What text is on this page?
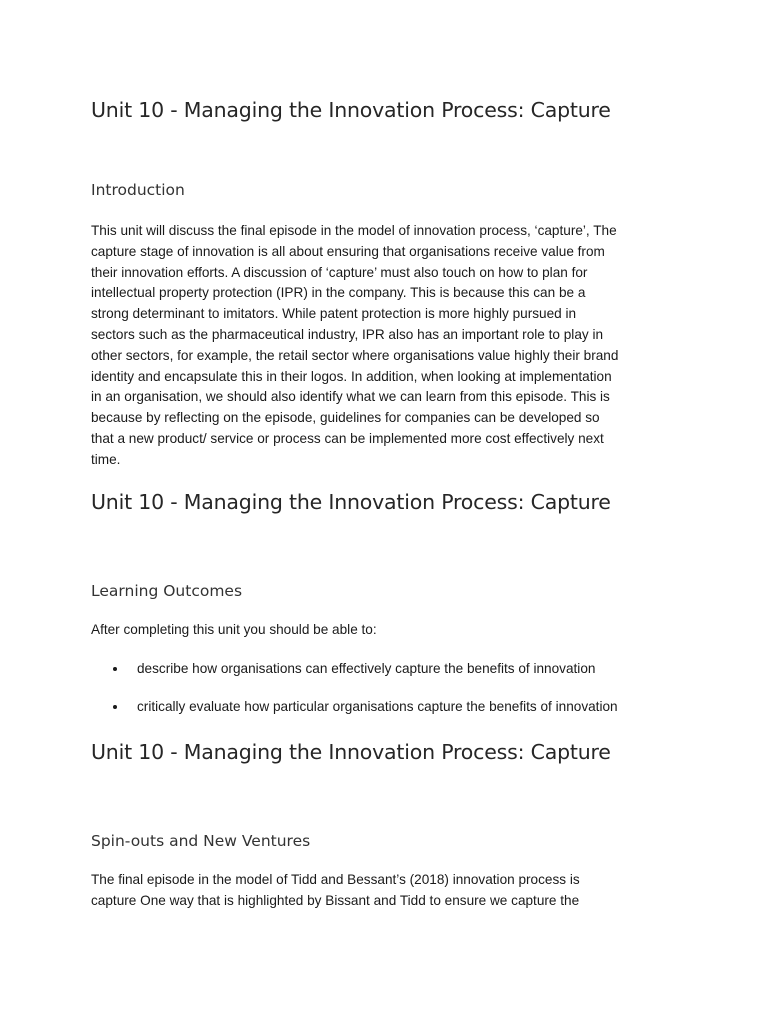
Unit 10 - Managing the Innovation Process: Capture
Introduction
This unit will discuss the final episode in the model of innovation process, ‘capture’, The
capture stage of innovation is all about ensuring that organisations receive value from
their innovation efforts. A discussion of ‘capture’ must also touch on how to plan for
intellectual property protection (IPR) in the company. This is because this can be a
strong determinant to imitators. While patent protection is more highly pursued in
sectors such as the pharmaceutical industry, IPR also has an important role to play in
other sectors, for example, the retail sector where organisations value highly their brand
identity and encapsulate this in their logos. In addition, when looking at implementation
in an organisation, we should also identify what we can learn from this episode. This is
because by reflecting on the episode, guidelines for companies can be developed so
that a new product/ service or process can be implemented more cost effectively next
time.
Unit 10 - Managing the Innovation Process: Capture
Learning Outcomes

After completing this unit you should be able to:

describe how organisations can effectively capture the benefits of innovation
critically evaluate how particular organisations capture the benefits of innovation
Unit 10 - Managing the Innovation Process: Capture
Spin-outs and New Ventures
The final episode in the model of Tidd and Bessant’s (2018) innovation process is
capture One way that is highlighted by Bissant and Tidd to ensure we capture the
